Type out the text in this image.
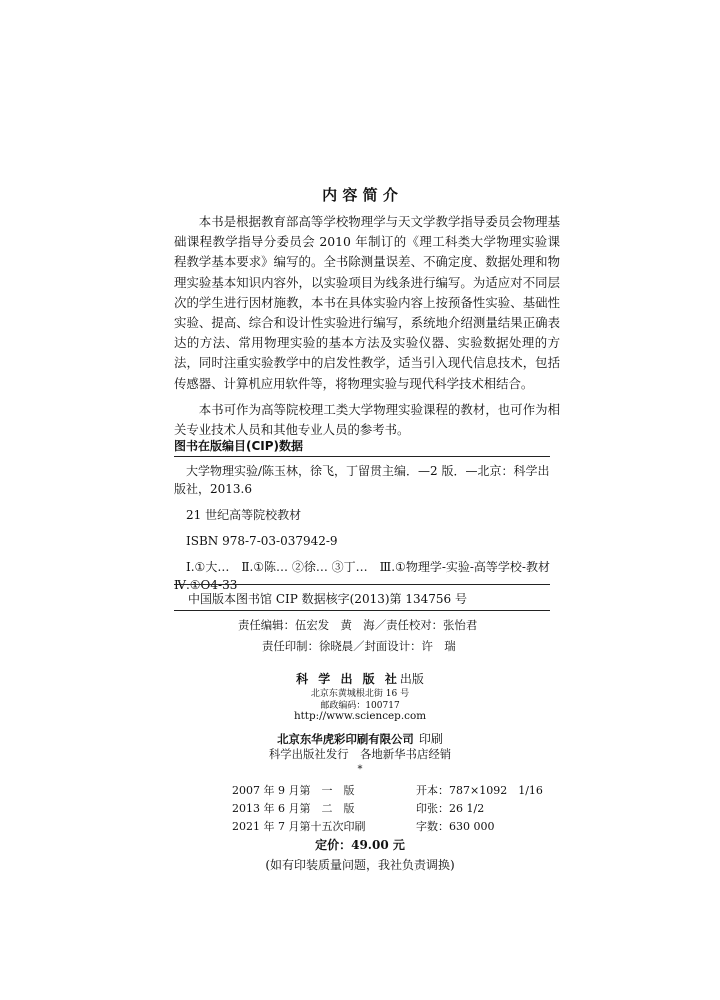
内 容 简 介

本书是根据教育部高等学校物理学与天文学教学指导委员会物理基础课程教学指导分委员会 2010 年制订的《理工科类大学物理实验课程教学基本要求》编写的。全书除测量误差、不确定度、数据处理和物理实验基本知识内容外，以实验项目为线条进行编写。为适应对不同层次的学生进行因材施教，本书在具体实验内容上按预备性实验、基础性实验、提高、综合和设计性实验进行编写，系统地介绍测量结果正确表达的方法、常用物理实验的基本方法及实验仪器、实验数据处理的方法，同时注重实验教学中的启发性教学，适当引入现代信息技术，包括传感器、计算机应用软件等，将物理实验与现代科学技术相结合。

本书可作为高等院校理工类大学物理实验课程的教材，也可作为相关专业技术人员和其他专业人员的参考书。

图书在版编目(CIP)数据
大学物理实验/陈玉林，徐飞，丁留贯主编．—2 版．—北京：科学出版社，2013.6
21 世纪高等院校教材
ISBN 978-7-03-037942-9
Ⅰ.①大…　Ⅱ.①陈… ②徐… ③丁…　Ⅲ.①物理学-实验-高等学校-教材　Ⅳ.①O4-33
中国版本图书馆 CIP 数据核字(2013)第 134756 号
责任编辑：伍宏发　黄　海／责任校对：张怡君
责任印制：徐晓晨／封面设计：许　瑞
科 学 出 版 社出版
北京东黄城根北街 16 号
邮政编码：100717
http://www.sciencep.com
北京东华虎彩印刷有限公司 印刷
科学出版社发行　各地新华书店经销
*
2007 年 9 月第　一　版	开本：787×1092　1/16
2013 年 6 月第　二　版	印张：26 1/2
2021 年 7 月第十五次印刷	字数：630 000
定价：49.00 元
(如有印装质量问题，我社负责调换)
